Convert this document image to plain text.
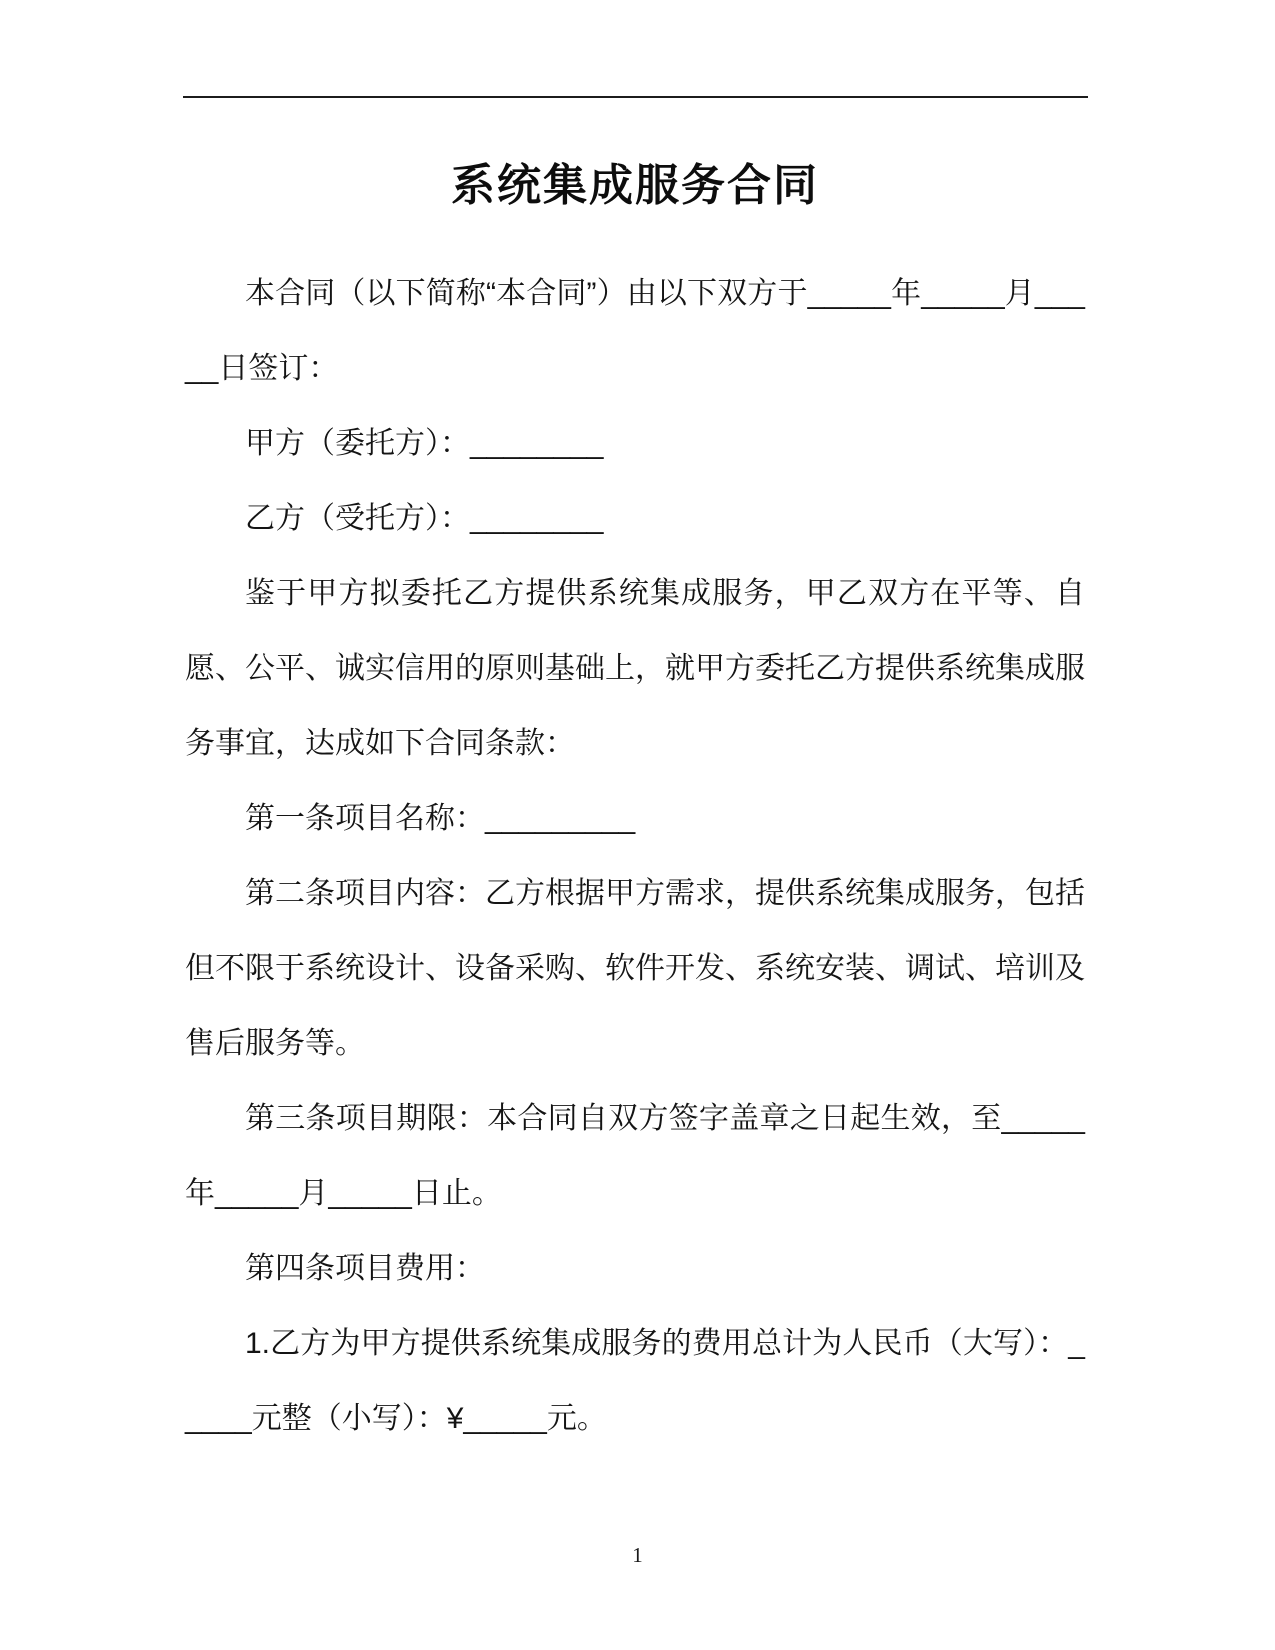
系统集成服务合同

本合同（以下简称“本合同”）由以下双方于_____年_____月_____日签订：

甲方（委托方）：________

乙方（受托方）：________

鉴于甲方拟委托乙方提供系统集成服务，甲乙双方在平等、自愿、公平、诚实信用的原则基础上，就甲方委托乙方提供系统集成服务事宜，达成如下合同条款：

第一条项目名称：_________

第二条项目内容：乙方根据甲方需求，提供系统集成服务，包括但不限于系统设计、设备采购、软件开发、系统安装、调试、培训及售后服务等。

第三条项目期限：本合同自双方签字盖章之日起生效，至_____年_____月_____日止。

第四条项目费用：

1.乙方为甲方提供系统集成服务的费用总计为人民币（大写）：_____元整（小写）：¥_____元。

1
